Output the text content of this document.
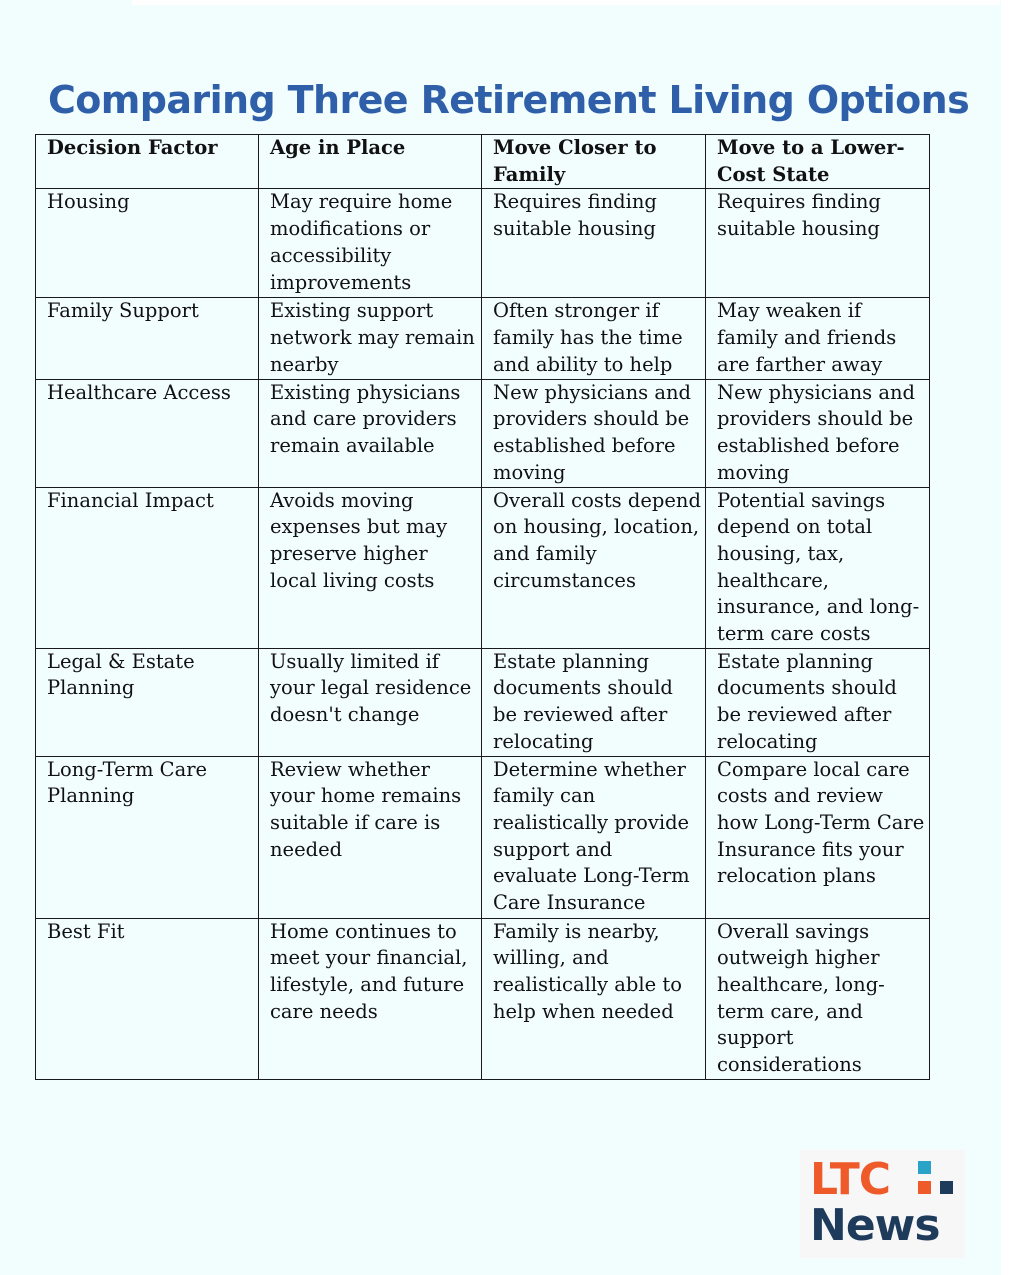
Comparing Three Retirement Living Options
Decision Factor	Age in Place	Move Closer to Family	Move to a Lower-Cost State
Housing	May require home modifications or accessibility improvements	Requires finding suitable housing	Requires finding suitable housing
Family Support	Existing support network may remain nearby	Often stronger if family has the time and ability to help	May weaken if family and friends are farther away
Healthcare Access	Existing physicians and care providers remain available	New physicians and providers should be established before moving	New physicians and providers should be established before moving
Financial Impact	Avoids moving expenses but may preserve higher local living costs	Overall costs depend on housing, location, and family circumstances	Potential savings depend on total housing, tax, healthcare, insurance, and long-term care costs
Legal & Estate Planning	Usually limited if your legal residence doesn't change	Estate planning documents should be reviewed after relocating	Estate planning documents should be reviewed after relocating
Long-Term Care Planning	Review whether your home remains suitable if care is needed	Determine whether family can realistically provide support and evaluate Long-Term Care Insurance	Compare local care costs and review how Long-Term Care Insurance fits your relocation plans
Best Fit	Home continues to meet your financial, lifestyle, and future care needs	Family is nearby, willing, and realistically able to help when needed	Overall savings outweigh higher healthcare, long-term care, and support considerations
LTC
News
